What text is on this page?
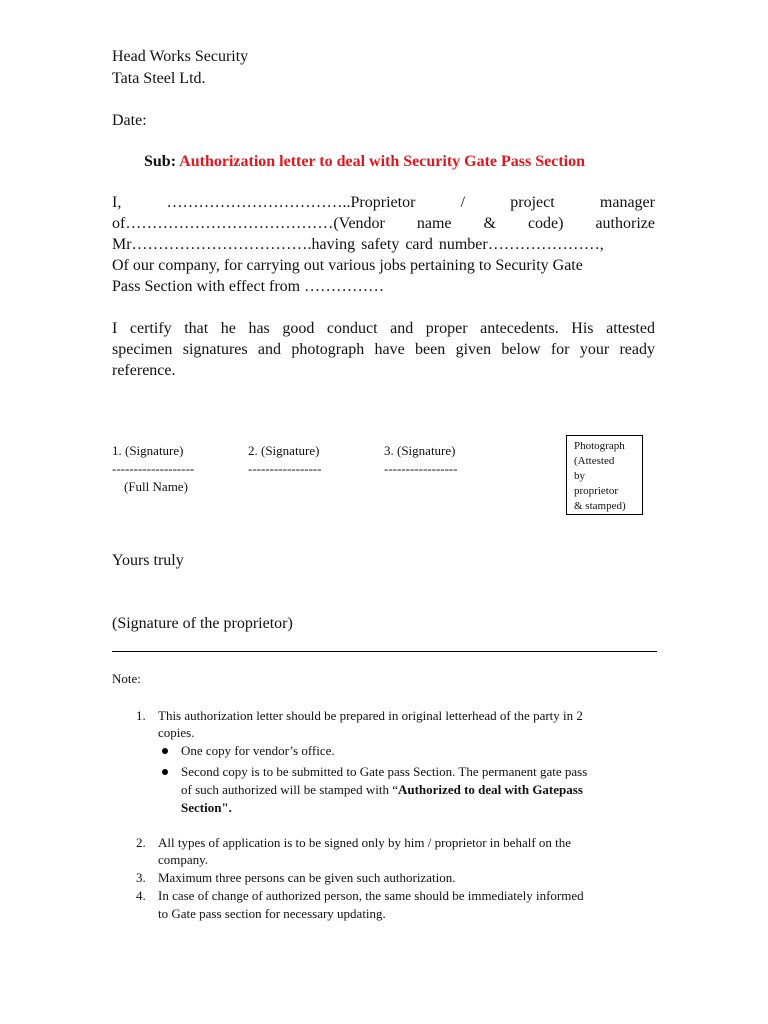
Head Works Security
Tata Steel Ltd.
Date:
Sub: Authorization letter to deal with Security Gate Pass Section
I,	……………………………..Proprietor	/	project	manager
of…………………………………(Vendor name & code) authorize
Mr…………………………….having safety card number…………………,
Of our company, for carrying out various jobs pertaining to Security Gate
Pass Section with effect from ……………
I certify that he has good conduct and proper antecedents. His attested
specimen signatures and photograph have been given below for your ready
reference.
1. (Signature)	2. (Signature)	3. (Signature)
-------------------	-----------------	-----------------
(Full Name)
Photograph
(Attested
by
proprietor
& stamped)
Yours truly
(Signature of the proprietor)
Note:
1. This authorization letter should be prepared in original letterhead of the party in 2
copies.
One copy for vendor’s office.
Second copy is to be submitted to Gate pass Section. The permanent gate pass
of such authorized will be stamped with “Authorized to deal with Gatepass
Section".
2. All types of application is to be signed only by him / proprietor in behalf on the
company.
3. Maximum three persons can be given such authorization.
4. In case of change of authorized person, the same should be immediately informed
to Gate pass section for necessary updating.
